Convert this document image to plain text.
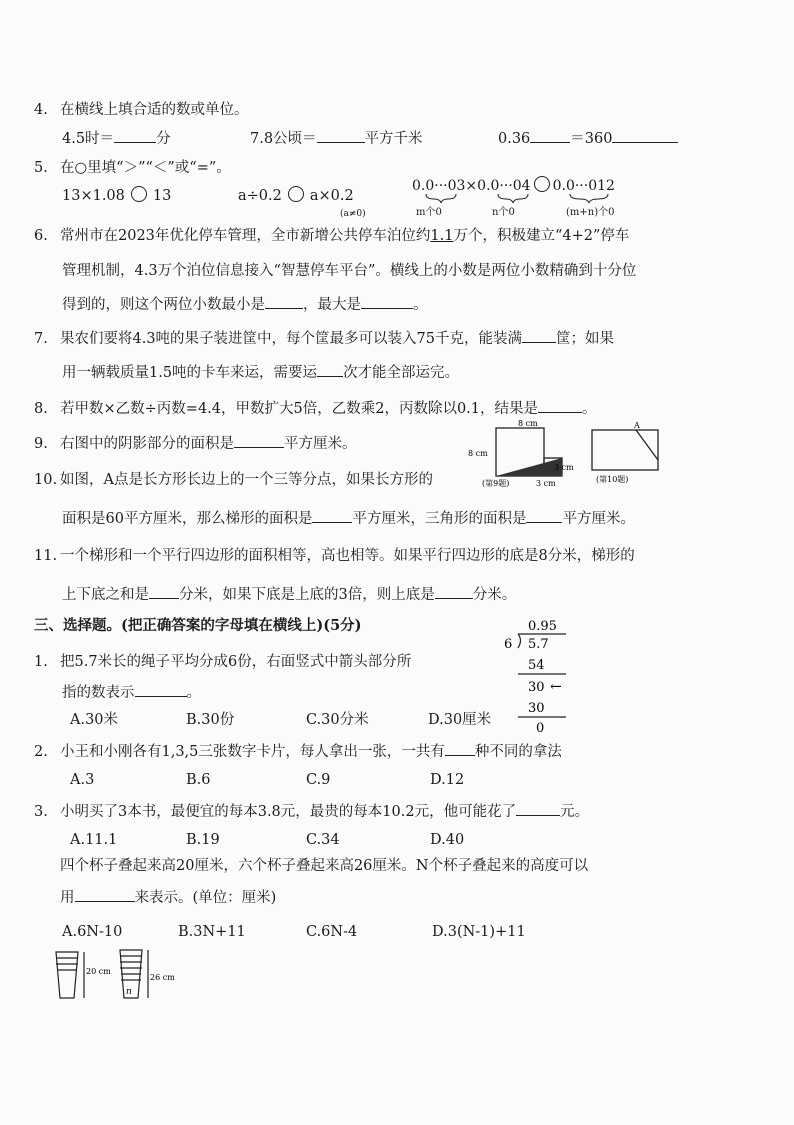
4. 在横线上填合适的数或单位。
4.5时＝	分	7.8公顷＝	平方千米	0.36	＝360
5. 在○里填“＞”“＜”或“=”。
13×1.08 13	a÷0.2 a×0.2
(a≠0)
0.0···03×0.0···04 0.0···012
m个0	n个0	(m+n)个0
6. 常州市在2023年优化停车管理，全市新增公共停车泊位约1.1万个，积极建立“4+2”停车
管理机制，4.3万个泊位信息接入“智慧停车平台”。横线上的小数是两位小数精确到十分位
得到的，则这个两位小数最小是	，最大是	。
7. 果农们要将4.3吨的果子装进筐中，每个筐最多可以装入75千克，能装满 筐；如果
用一辆载质量1.5吨的卡车来运，需要运 次才能全部运完。
8. 若甲数×乙数÷丙数=4.4，甲数扩大5倍，乙数乘2，丙数除以0.1，结果是	。
9. 右图中的阴影部分的面积是	平方厘米。
8 cm
8 cm
3 cm
3 cm
(第9题)
A
(第10题)
10. 如图，A点是长方形长边上的一个三等分点，如果长方形的
面积是60平方厘米，那么梯形的面积是	平方厘米，三角形的面积是 平方厘米。
11. 一个梯形和一个平行四边形的面积相等，高也相等。如果平行四边形的底是8分米，梯形的
上下底之和是 分米，如果下底是上底的3倍，则上底是	分米。
三、选择题。(把正确答案的字母填在横线上)(5分)	0.95
6 5.7
54
30 ←
30
0
1. 把5.7米长的绳子平均分成6份，右面竖式中箭头部分所
指的数表示	。
A.30米	B.30份	C.30分米	D.30厘米
2. 小王和小刚各有1,3,5三张数字卡片，每人拿出一张，一共有 种不同的拿法
A.3	B.6	C.9	D.12
3. 小明买了3本书，最便宜的每本3.8元，最贵的每本10.2元，他可能花了	元。
A.11.1	B.19	C.34	D.40
四个杯子叠起来高20厘米，六个杯子叠起来高26厘米。N个杯子叠起来的高度可以
用	来表示。(单位：厘米)
A.6N-10	B.3N+11	C.6N-4	D.3(N-1)+11
20 cm
n
26 cm
